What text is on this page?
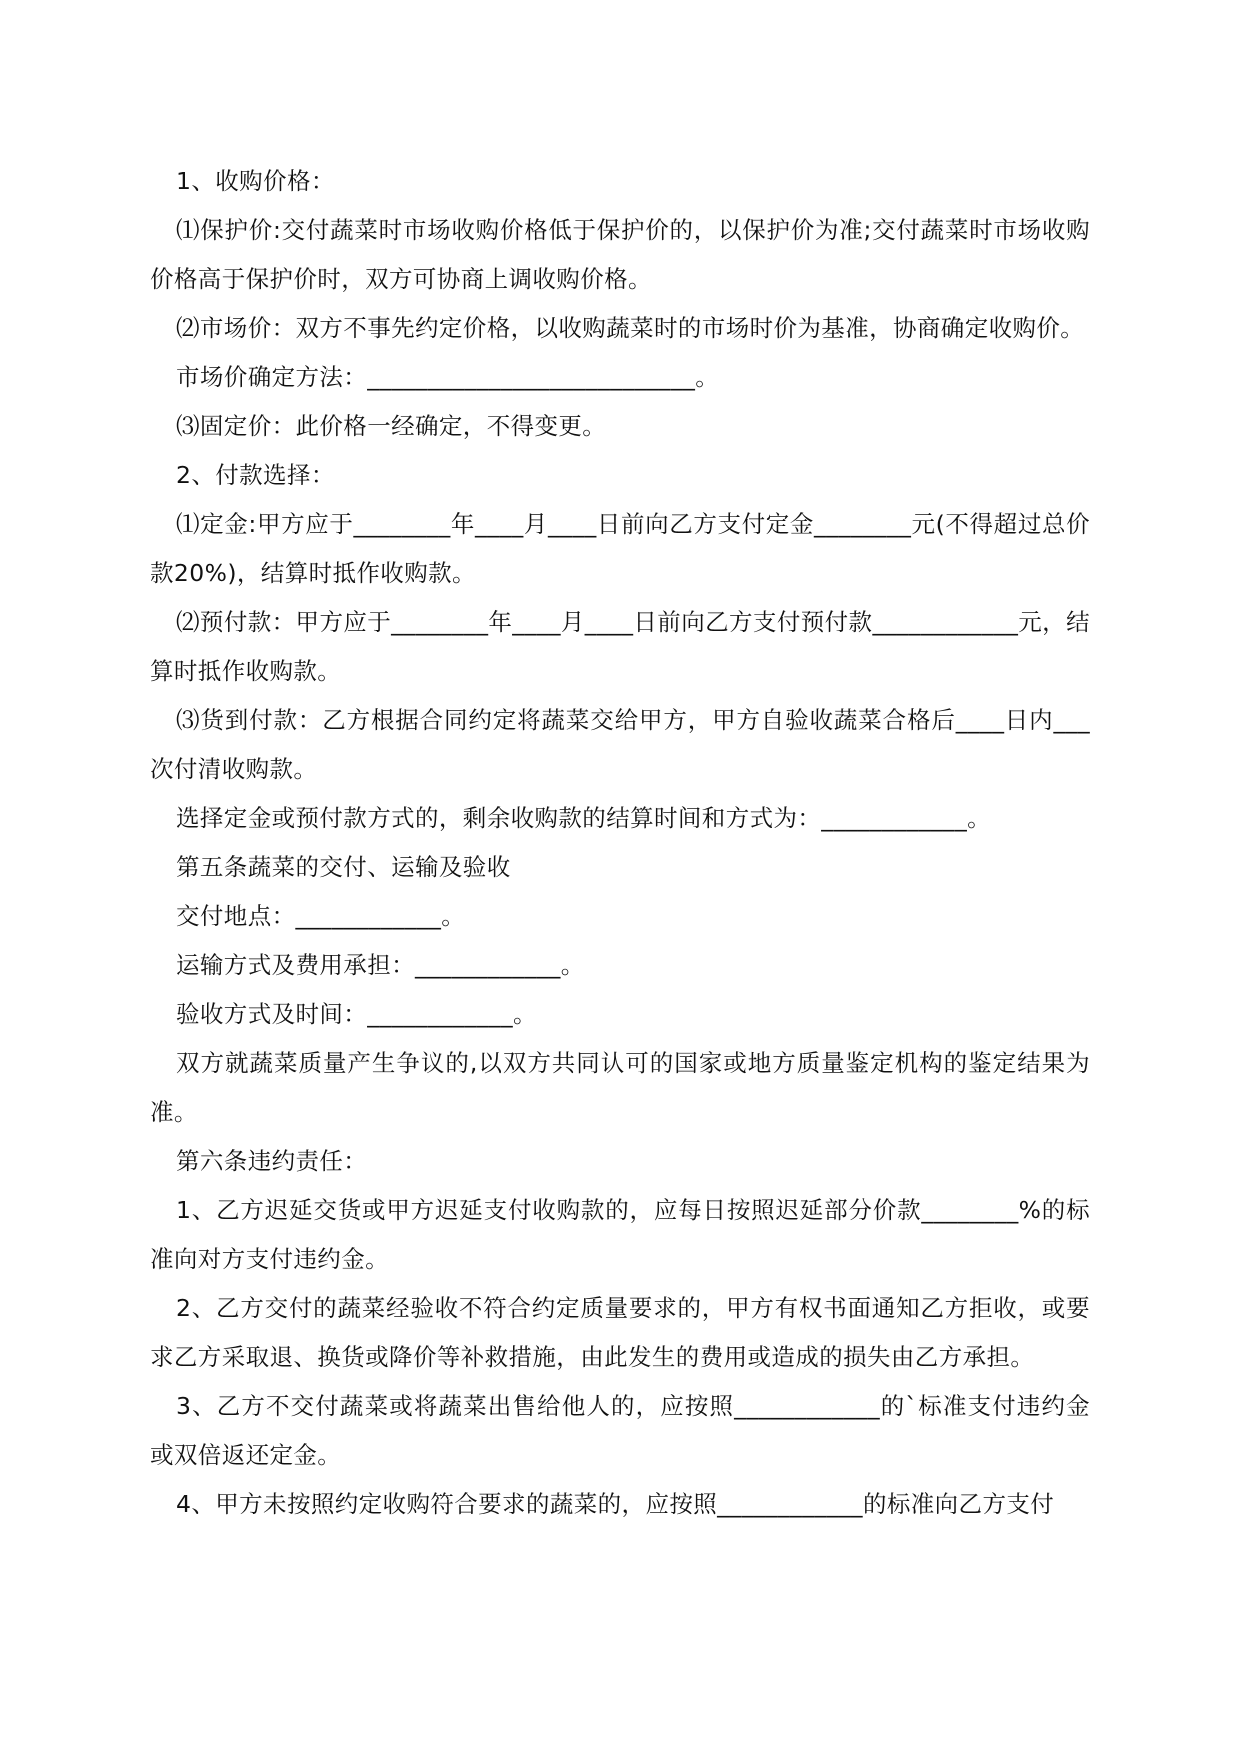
1、收购价格：

⑴保护价:交付蔬菜时市场收购价格低于保护价的，以保护价为准;交付蔬菜时市场收购价格高于保护价时，双方可协商上调收购价格。

⑵市场价：双方不事先约定价格，以收购蔬菜时的市场时价为基准，协商确定收购价。

市场价确定方法：___________________________。

⑶固定价：此价格一经确定，不得变更。

2、付款选择：

⑴定金:甲方应于________年____月____日前向乙方支付定金________元(不得超过总价款20%)，结算时抵作收购款。

⑵预付款：甲方应于________年____月____日前向乙方支付预付款____________元，结算时抵作收购款。

⑶货到付款：乙方根据合同约定将蔬菜交给甲方，甲方自验收蔬菜合格后____日内___次付清收购款。

选择定金或预付款方式的，剩余收购款的结算时间和方式为：____________。

第五条蔬菜的交付、运输及验收

交付地点：____________。

运输方式及费用承担：____________。

验收方式及时间：____________。

双方就蔬菜质量产生争议的,以双方共同认可的国家或地方质量鉴定机构的鉴定结果为准。

第六条违约责任：

1、乙方迟延交货或甲方迟延支付收购款的，应每日按照迟延部分价款________%的标准向对方支付违约金。

2、乙方交付的蔬菜经验收不符合约定质量要求的，甲方有权书面通知乙方拒收，或要求乙方采取退、换货或降价等补救措施，由此发生的费用或造成的损失由乙方承担。

3、乙方不交付蔬菜或将蔬菜出售给他人的，应按照____________的`标准支付违约金或双倍返还定金。

4、甲方未按照约定收购符合要求的蔬菜的，应按照____________的标准向乙方支付
